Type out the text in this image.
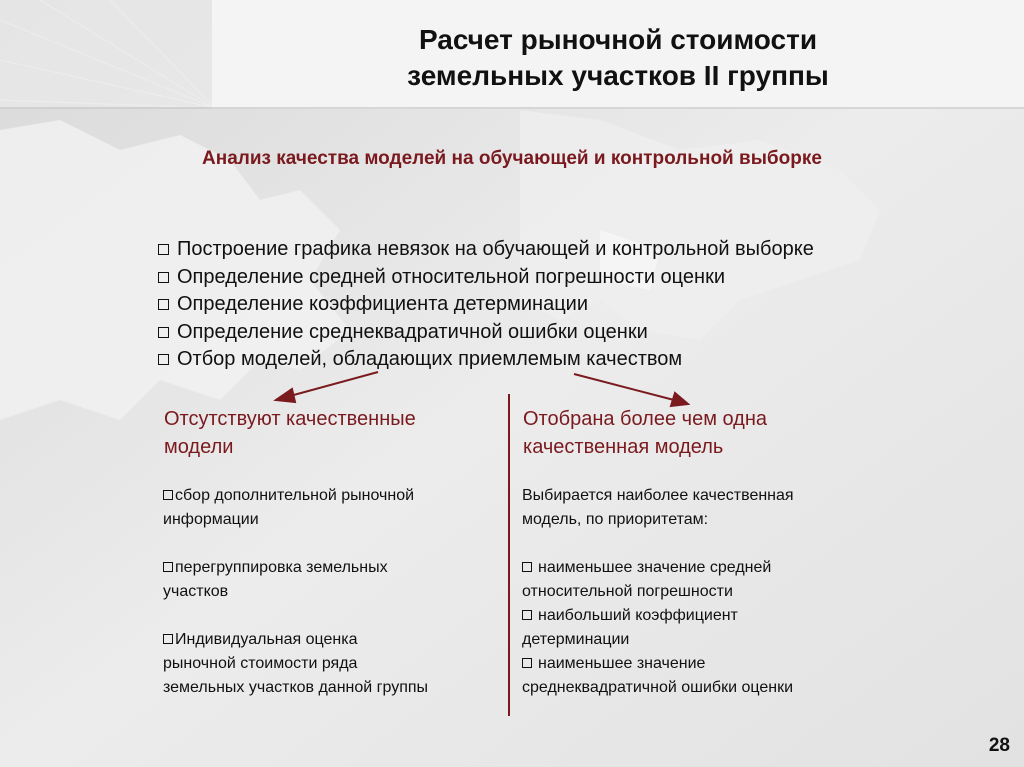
Расчет рыночной стоимости
земельных участков II группы
Анализ качества моделей на обучающей и контрольной выборке
Построение графика невязок на обучающей и контрольной выборке
Определение средней относительной погрешности оценки
Определение коэффициента детерминации
Определение среднеквадратичной ошибки оценки
Отбор моделей, обладающих приемлемым качеством
Отсутствуют качественные
модели

сбор дополнительной рыночной

информации

перегруппировка земельных

участков

Индивидуальная оценка

рыночной стоимости ряда

земельных участков данной группы

Отобрана более чем одна
качественная модель

Выбирается наиболее качественная

модель, по приоритетам:

наименьшее значение средней

относительной погрешности

наибольший коэффициент

детерминации

наименьшее значение

среднеквадратичной ошибки оценки

28
